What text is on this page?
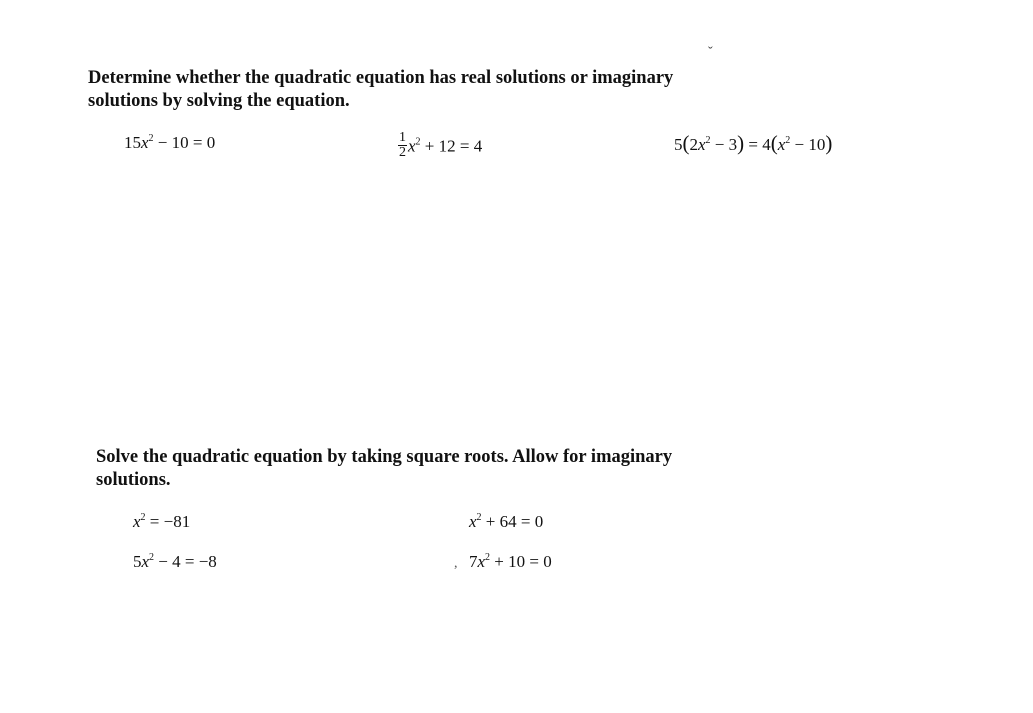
ˇ

Determine whether the quadratic equation has real solutions or imaginary
solutions by solving the equation.

$15x^2 - 10 = 0$	$\frac{1}{2} x^2 + 12 = 4$	$5(2x^2 - 3) = 4(x^2 - 10)$

Solve the quadratic equation by taking square roots. Allow for imaginary
solutions.

$x^2 = -81$	$x^2 + 64 = 0$
$5x^2 - 4 = -8$	, $7x^2 + 10 = 0$
